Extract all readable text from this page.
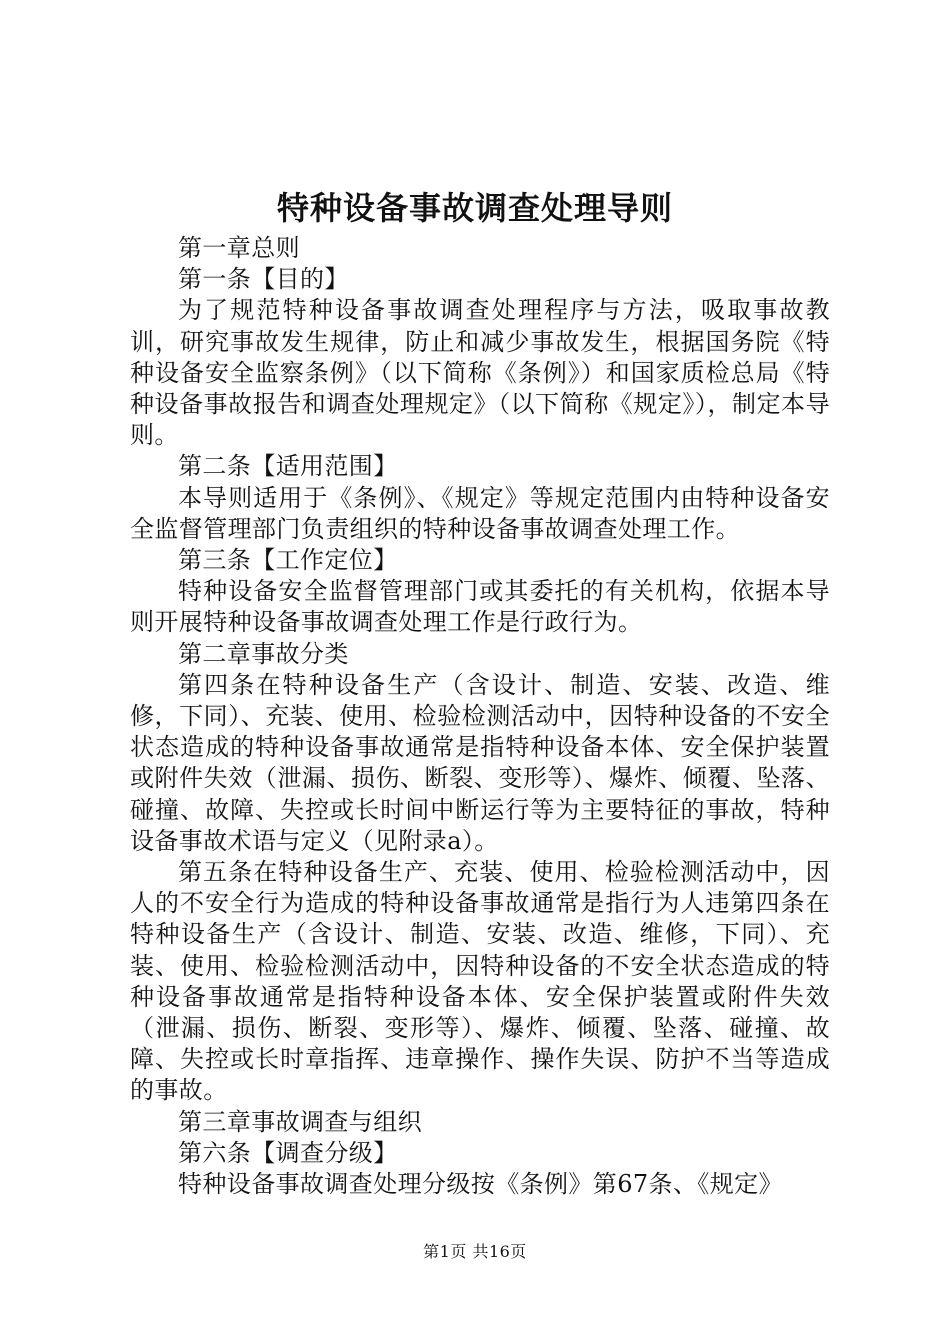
特种设备事故调查处理导则

第一章总则

第一条【目的】

为了规范特种设备事故调查处理程序与方法，吸取事故教训，研究事故发生规律，防止和减少事故发生，根据国务院《特种设备安全监察条例》（以下简称《条例》）和国家质检总局《特种设备事故报告和调查处理规定》（以下简称《规定》），制定本导则。

第二条【适用范围】

本导则适用于《条例》、《规定》等规定范围内由特种设备安全监督管理部门负责组织的特种设备事故调查处理工作。

第三条【工作定位】

特种设备安全监督管理部门或其委托的有关机构，依据本导则开展特种设备事故调查处理工作是行政行为。

第二章事故分类

第四条在特种设备生产（含设计、制造、安装、改造、维修，下同）、充装、使用、检验检测活动中，因特种设备的不安全状态造成的特种设备事故通常是指特种设备本体、安全保护装置或附件失效（泄漏、损伤、断裂、变形等）、爆炸、倾覆、坠落、碰撞、故障、失控或长时间中断运行等为主要特征的事故，特种设备事故术语与定义（见附录a）。

第五条在特种设备生产、充装、使用、检验检测活动中，因人的不安全行为造成的特种设备事故通常是指行为人违第四条在特种设备生产（含设计、制造、安装、改造、维修，下同）、充装、使用、检验检测活动中，因特种设备的不安全状态造成的特种设备事故通常是指特种设备本体、安全保护装置或附件失效（泄漏、损伤、断裂、变形等）、爆炸、倾覆、坠落、碰撞、故障、失控或长时章指挥、违章操作、操作失误、防护不当等造成的事故。

第三章事故调查与组织

第六条【调查分级】

特种设备事故调查处理分级按《条例》第67条、《规定》

第1页 共16页
